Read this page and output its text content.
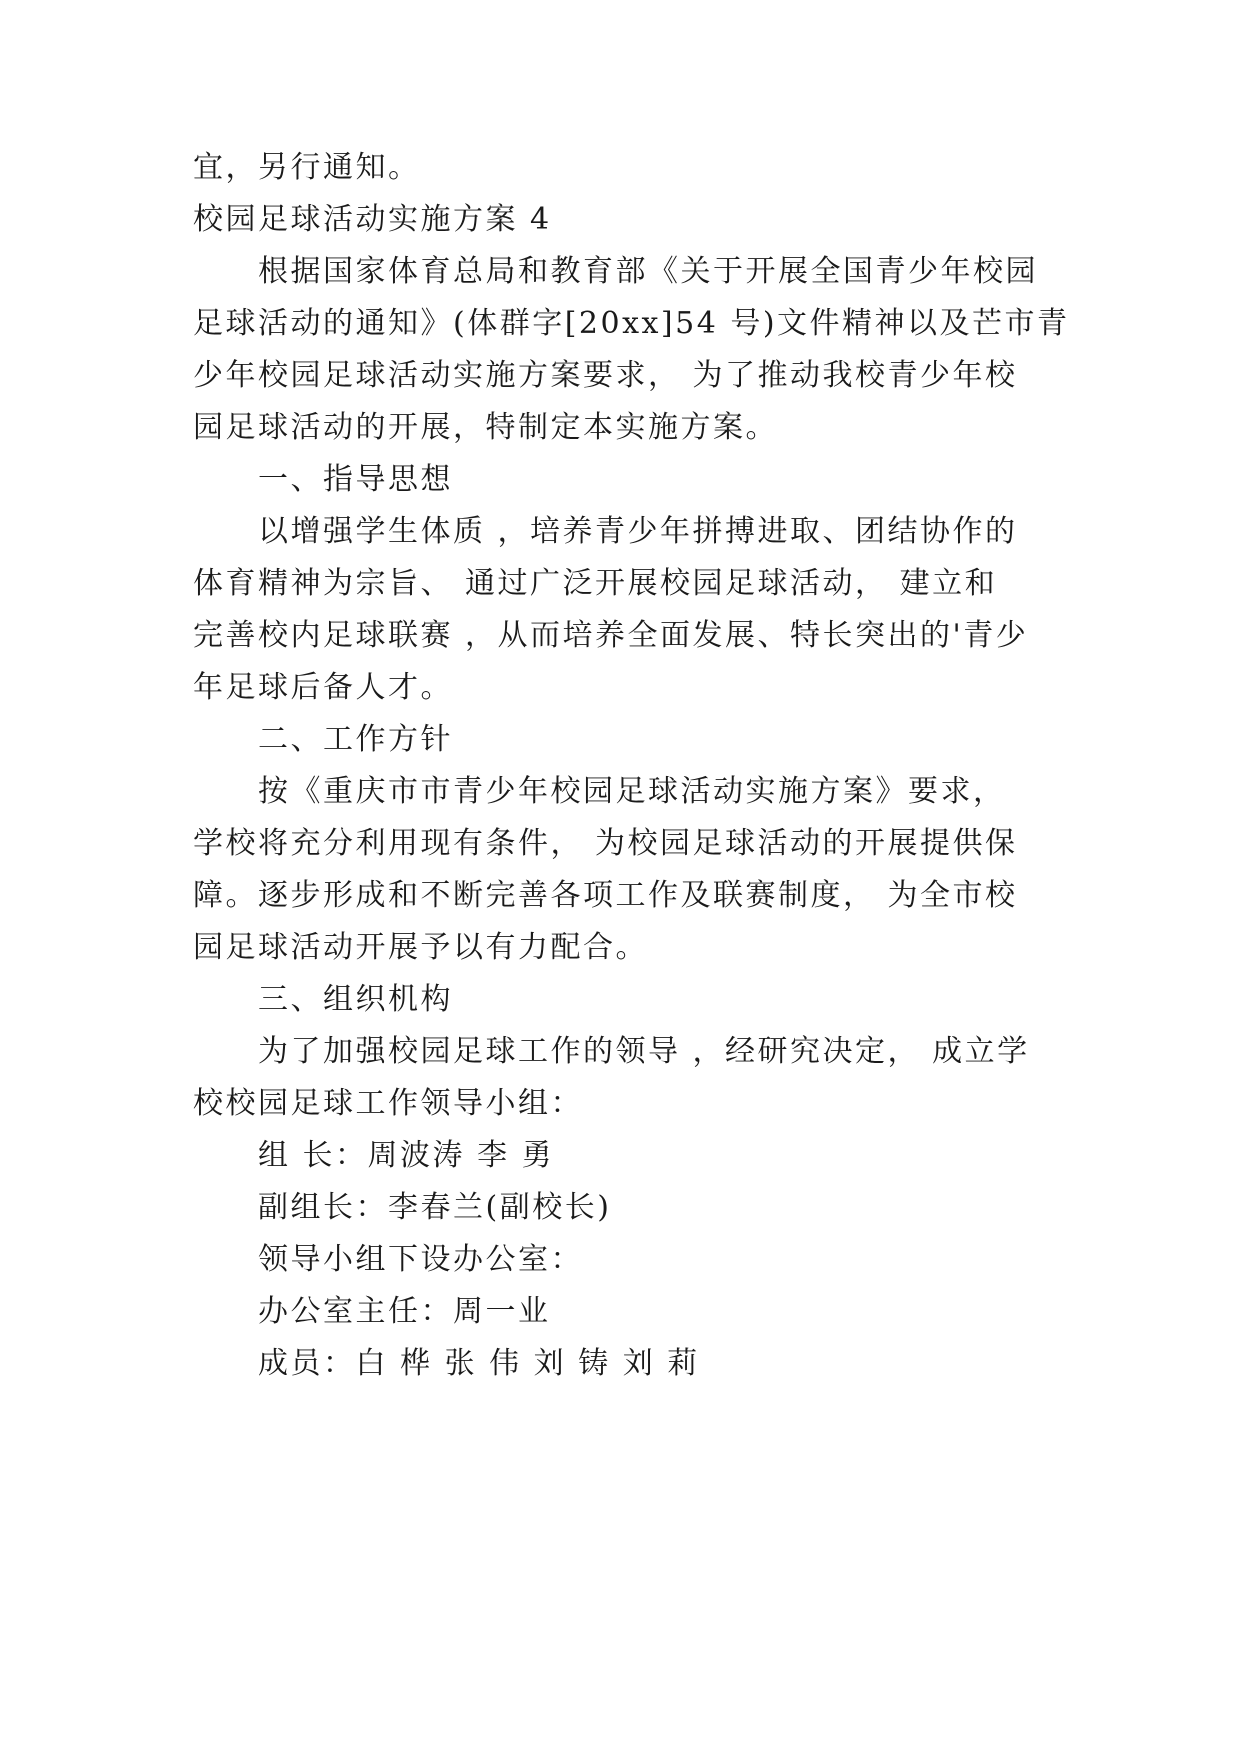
宜，另行通知。
校园足球活动实施方案 4
根据国家体育总局和教育部《关于开展全国青少年校园
足球活动的通知》(体群字[20xx]54 号)文件精神以及芒市青
少年校园足球活动实施方案要求， 为了推动我校青少年校
园足球活动的开展，特制定本实施方案。
一、指导思想
以增强学生体质 ，培养青少年拼搏进取、团结协作的
体育精神为宗旨、 通过广泛开展校园足球活动， 建立和
完善校内足球联赛 ，从而培养全面发展、特长突出的'青少
年足球后备人才。
二、工作方针
按《重庆市市青少年校园足球活动实施方案》要求，
学校将充分利用现有条件， 为校园足球活动的开展提供保
障。逐步形成和不断完善各项工作及联赛制度， 为全市校
园足球活动开展予以有力配合。
三、组织机构
为了加强校园足球工作的领导 ，经研究决定， 成立学
校校园足球工作领导小组：
组 长：周波涛 李 勇
副组长：李春兰(副校长)
领导小组下设办公室：
办公室主任：周一业
成员：白 桦 张 伟 刘 铸 刘 莉
